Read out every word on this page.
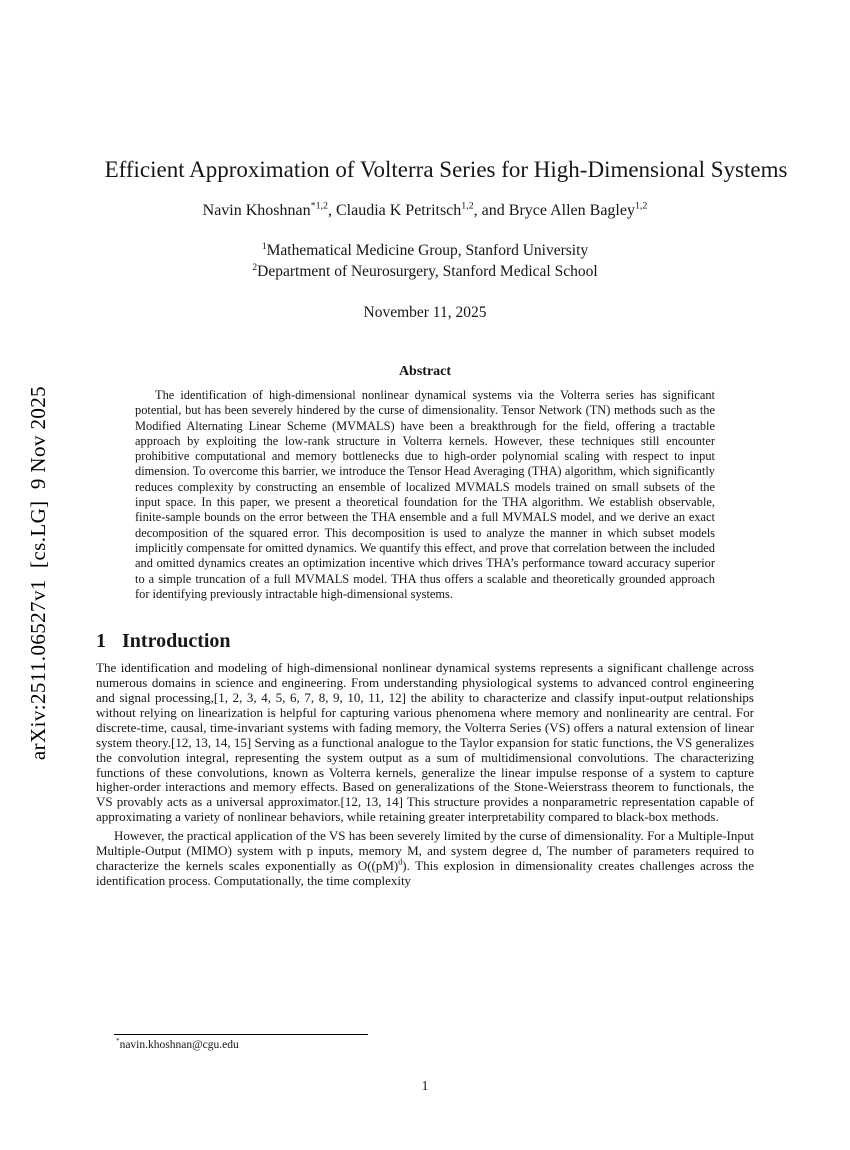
arXiv:2511.06527v1  [cs.LG]  9 Nov 2025
Efficient Approximation of Volterra Series for High-Dimensional Systems
Navin Khoshnan$^{*1,2}$, Claudia K Petritsch$^{1,2}$, and Bryce Allen Bagley$^{1,2}$
$^1$Mathematical Medicine Group, Stanford University
$^2$Department of Neurosurgery, Stanford Medical School
November 11, 2025
Abstract

The identification of high-dimensional nonlinear dynamical systems via the Volterra series has significant potential, but has been severely hindered by the curse of dimensionality. Tensor Network (TN) methods such as the Modified Alternating Linear Scheme (MVMALS) have been a breakthrough for the field, offering a tractable approach by exploiting the low-rank structure in Volterra kernels. However, these techniques still encounter prohibitive computational and memory bottlenecks due to high-order polynomial scaling with respect to input dimension. To overcome this barrier, we introduce the Tensor Head Averaging (THA) algorithm, which significantly reduces complexity by constructing an ensemble of localized MVMALS models trained on small subsets of the input space. In this paper, we present a theoretical foundation for the THA algorithm. We establish observable, finite-sample bounds on the error between the THA ensemble and a full MVMALS model, and we derive an exact decomposition of the squared error. This decomposition is used to analyze the manner in which subset models implicitly compensate for omitted dynamics. We quantify this effect, and prove that correlation between the included and omitted dynamics creates an optimization incentive which drives THA’s performance toward accuracy superior to a simple truncation of a full MVMALS model. THA thus offers a scalable and theoretically grounded approach for identifying previously intractable high-dimensional systems.

1 Introduction

The identification and modeling of high-dimensional nonlinear dynamical systems represents a significant challenge across numerous domains in science and engineering. From understanding physiological systems to advanced control engineering and signal processing,[1, 2, 3, 4, 5, 6, 7, 8, 9, 10, 11, 12] the ability to characterize and classify input-output relationships without relying on linearization is helpful for capturing various phenomena where memory and nonlinearity are central. For discrete-time, causal, time-invariant systems with fading memory, the Volterra Series (VS) offers a natural extension of linear system theory.[12, 13, 14, 15] Serving as a functional analogue to the Taylor expansion for static functions, the VS generalizes the convolution integral, representing the system output as a sum of multidimensional convolutions. The characterizing functions of these convolutions, known as Volterra kernels, generalize the linear impulse response of a system to capture higher-order interactions and memory effects. Based on generalizations of the Stone-Weierstrass theorem to functionals, the VS provably acts as a universal approximator.[12, 13, 14] This structure provides a nonparametric representation capable of approximating a variety of nonlinear behaviors, while retaining greater interpretability compared to black-box methods.

However, the practical application of the VS has been severely limited by the curse of dimensionality. For a Multiple-Input Multiple-Output (MIMO) system with p inputs, memory M, and system degree d, The number of parameters required to characterize the kernels scales exponentially as O((pM)$^d$). This explosion in dimensionality creates challenges across the identification process. Computationally, the time complexity

*navin.khoshnan@cgu.edu
1
